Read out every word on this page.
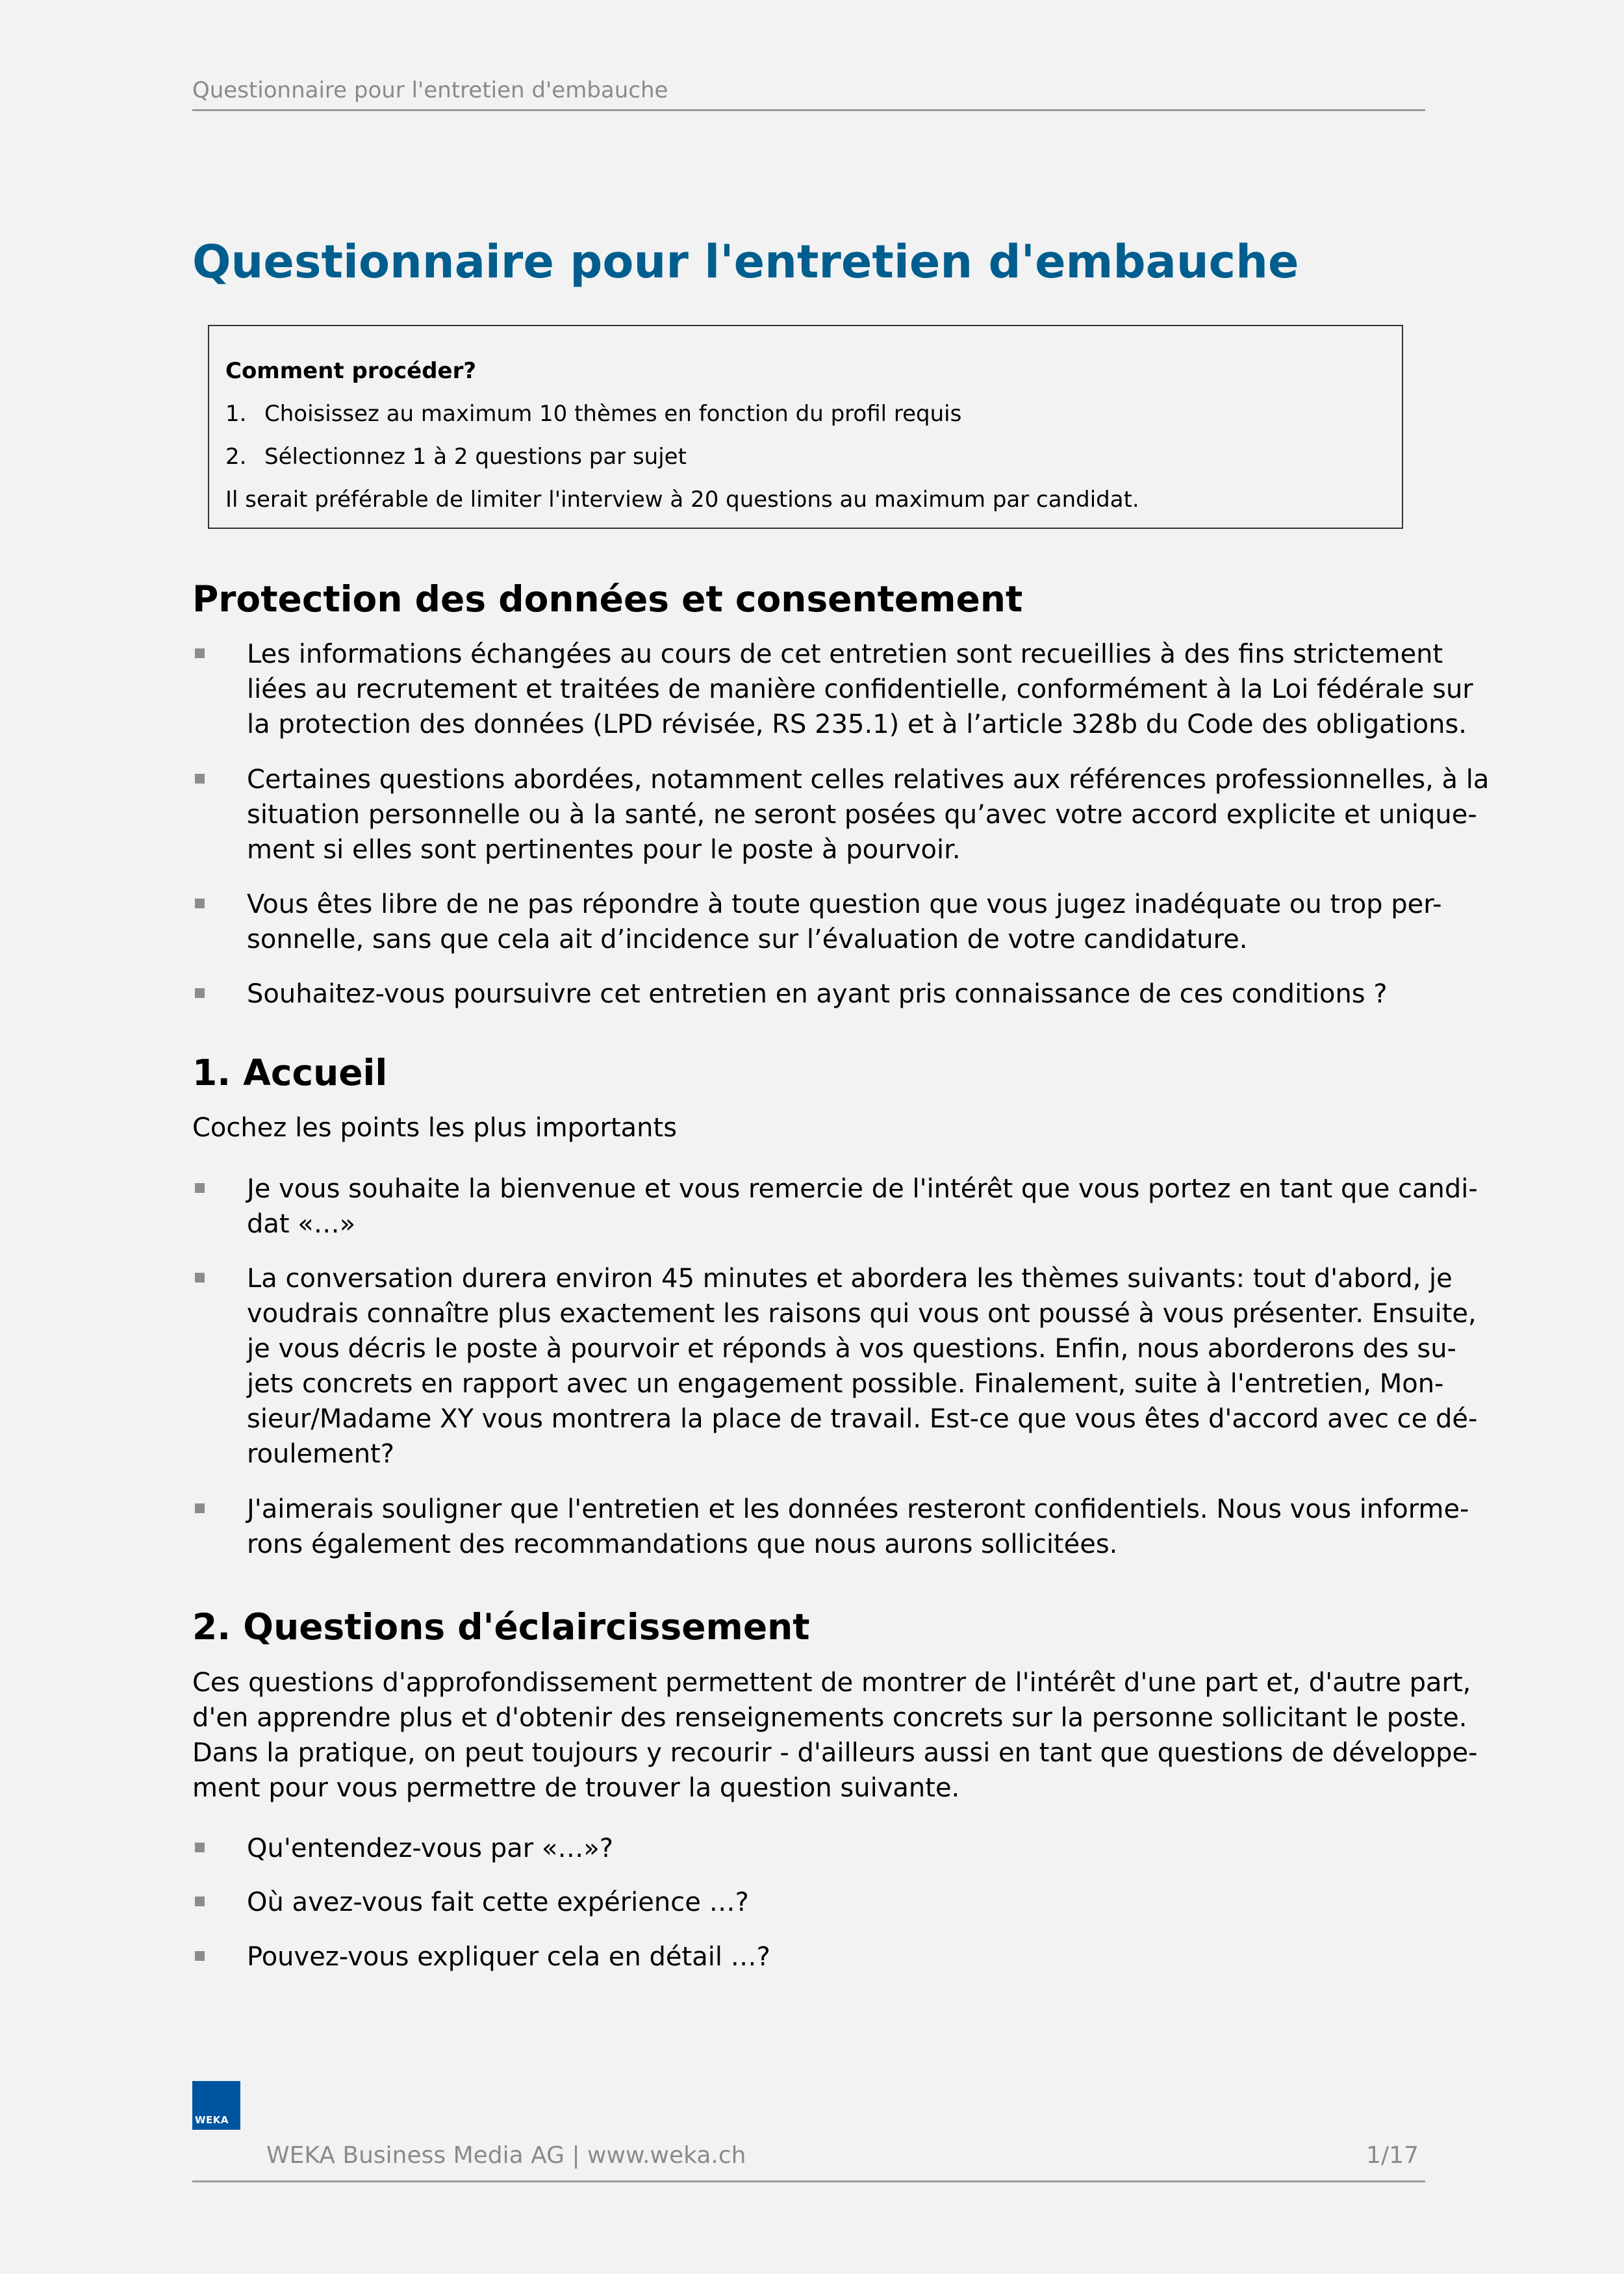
Questionnaire pour l'entretien d'embauche
Questionnaire pour l'entretien d'embauche
Comment procéder?
1. Choisissez au maximum 10 thèmes en fonction du profil requis
2. Sélectionnez 1 à 2 questions par sujet
Il serait préférable de limiter l'interview à 20 questions au maximum par candidat.
Protection des données et consentement
Les informations échangées au cours de cet entretien sont recueillies à des fins strictement
liées au recrutement et traitées de manière confidentielle, conformément à la Loi fédérale sur
la protection des données (LPD révisée, RS 235.1) et à l’article 328b du Code des obligations.
Certaines questions abordées, notamment celles relatives aux références professionnelles, à la
situation personnelle ou à la santé, ne seront posées qu’avec votre accord explicite et unique-
ment si elles sont pertinentes pour le poste à pourvoir.
Vous êtes libre de ne pas répondre à toute question que vous jugez inadéquate ou trop per-
sonnelle, sans que cela ait d’incidence sur l’évaluation de votre candidature.
Souhaitez-vous poursuivre cet entretien en ayant pris connaissance de ces conditions ?
1. Accueil
Cochez les points les plus importants
Je vous souhaite la bienvenue et vous remercie de l'intérêt que vous portez en tant que candi-
dat «…»
La conversation durera environ 45 minutes et abordera les thèmes suivants: tout d'abord, je
voudrais connaître plus exactement les raisons qui vous ont poussé à vous présenter. Ensuite,
je vous décris le poste à pourvoir et réponds à vos questions. Enfin, nous aborderons des su-
jets concrets en rapport avec un engagement possible. Finalement, suite à l'entretien, Mon-
sieur/Madame XY vous montrera la place de travail. Est-ce que vous êtes d'accord avec ce dé-
roulement?
J'aimerais souligner que l'entretien et les données resteront confidentiels. Nous vous informe-
rons également des recommandations que nous aurons sollicitées.
2. Questions d'éclaircissement
Ces questions d'approfondissement permettent de montrer de l'intérêt d'une part et, d'autre part,
d'en apprendre plus et d'obtenir des renseignements concrets sur la personne sollicitant le poste.
Dans la pratique, on peut toujours y recourir - d'ailleurs aussi en tant que questions de développe-
ment pour vous permettre de trouver la question suivante.
Qu'entendez-vous par «…»?
Où avez-vous fait cette expérience …?
Pouvez-vous expliquer cela en détail …?
WEKA
WEKA Business Media AG | www.weka.ch	1/17
